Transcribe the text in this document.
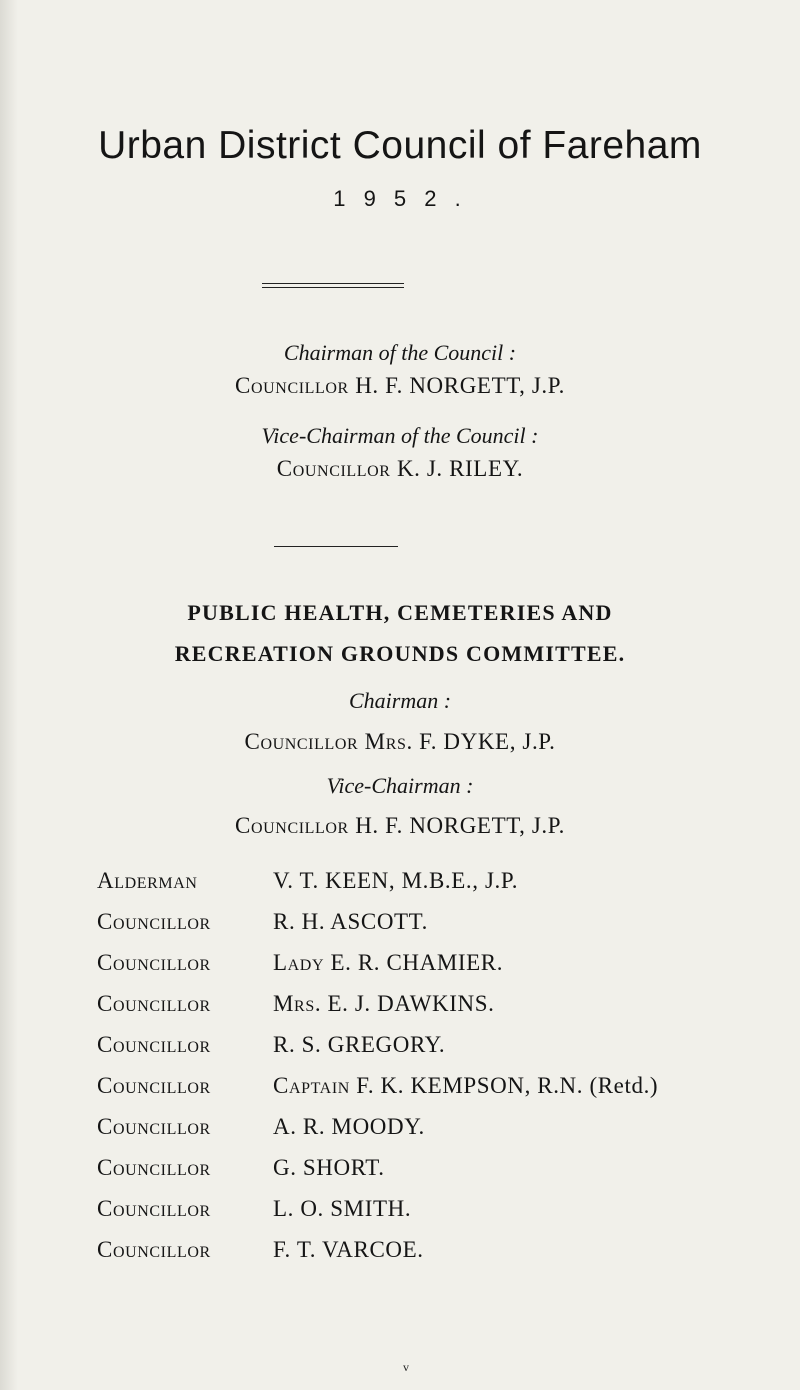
Urban District Council of Fareham
1 9 5 2 .
Chairman of the Council :
Councillor H. F. NORGETT, J.P.
Vice-Chairman of the Council :
Councillor K. J. RILEY.
PUBLIC HEALTH, CEMETERIES AND
RECREATION GROUNDS COMMITTEE.
Chairman :
Councillor Mrs. F. DYKE, J.P.
Vice-Chairman :
Councillor H. F. NORGETT, J.P.
Alderman	V. T. KEEN, M.B.E., J.P.
Councillor	R. H. ASCOTT.
Councillor	Lady E. R. CHAMIER.
Councillor	Mrs. E. J. DAWKINS.
Councillor	R. S. GREGORY.
Councillor	Captain F. K. KEMPSON, R.N. (Retd.)
Councillor	A. R. MOODY.
Councillor	G. SHORT.
Councillor	L. O. SMITH.
Councillor	F. T. VARCOE.
v
